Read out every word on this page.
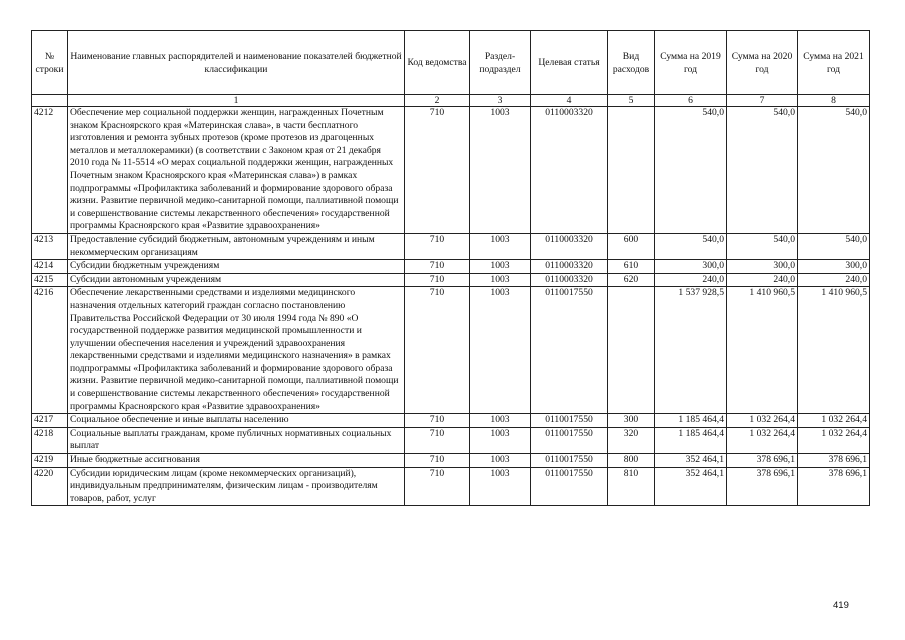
№ строки	Наименование главных распорядителей и наименование показателей бюджетной классификации	Код ведомства	Раздел-подраздел	Целевая статья	Вид расходов	Сумма на 2019 год	Сумма на 2020 год	Сумма на 2021 год
	1	2	3	4	5	6	7	8
4212	Обеспечение мер социальной поддержки женщин, награжденных Почетным знаком Красноярского края «Материнская слава», в части бесплатного изготовления и ремонта зубных протезов (кроме протезов из драгоценных металлов и металлокерамики) (в соответствии с Законом края от 21 декабря 2010 года № 11-5514 «О мерах социальной поддержки женщин, награжденных Почетным знаком Красноярского края «Материнская слава») в рамках подпрограммы «Профилактика заболеваний и формирование здорового образа жизни. Развитие первичной медико-санитарной помощи, паллиативной помощи и совершенствование системы лекарственного обеспечения» государственной программы Красноярского края «Развитие здравоохранения»	710	1003	0110003320		540,0	540,0	540,0
4213	Предоставление субсидий бюджетным, автономным учреждениям и иным некоммерческим организациям	710	1003	0110003320	600	540,0	540,0	540,0
4214	Субсидии бюджетным учреждениям	710	1003	0110003320	610	300,0	300,0	300,0
4215	Субсидии автономным учреждениям	710	1003	0110003320	620	240,0	240,0	240,0
4216	Обеспечение лекарственными средствами и изделиями медицинского назначения отдельных категорий граждан согласно постановлению Правительства Российской Федерации от 30 июля 1994 года № 890 «О государственной поддержке развития медицинской промышленности и улучшении обеспечения населения и учреждений здравоохранения лекарственными средствами и изделиями медицинского назначения» в рамках подпрограммы «Профилактика заболеваний и формирование здорового образа жизни. Развитие первичной медико-санитарной помощи, паллиативной помощи и совершенствование системы лекарственного обеспечения» государственной программы Красноярского края «Развитие здравоохранения»	710	1003	0110017550		1 537 928,5	1 410 960,5	1 410 960,5
4217	Социальное обеспечение и иные выплаты населению	710	1003	0110017550	300	1 185 464,4	1 032 264,4	1 032 264,4
4218	Социальные выплаты гражданам, кроме публичных нормативных социальных выплат	710	1003	0110017550	320	1 185 464,4	1 032 264,4	1 032 264,4
4219	Иные бюджетные ассигнования	710	1003	0110017550	800	352 464,1	378 696,1	378 696,1
4220	Субсидии юридическим лицам (кроме некоммерческих организаций), индивидуальным предпринимателям, физическим лицам - производителям товаров, работ, услуг	710	1003	0110017550	810	352 464,1	378 696,1	378 696,1
419
